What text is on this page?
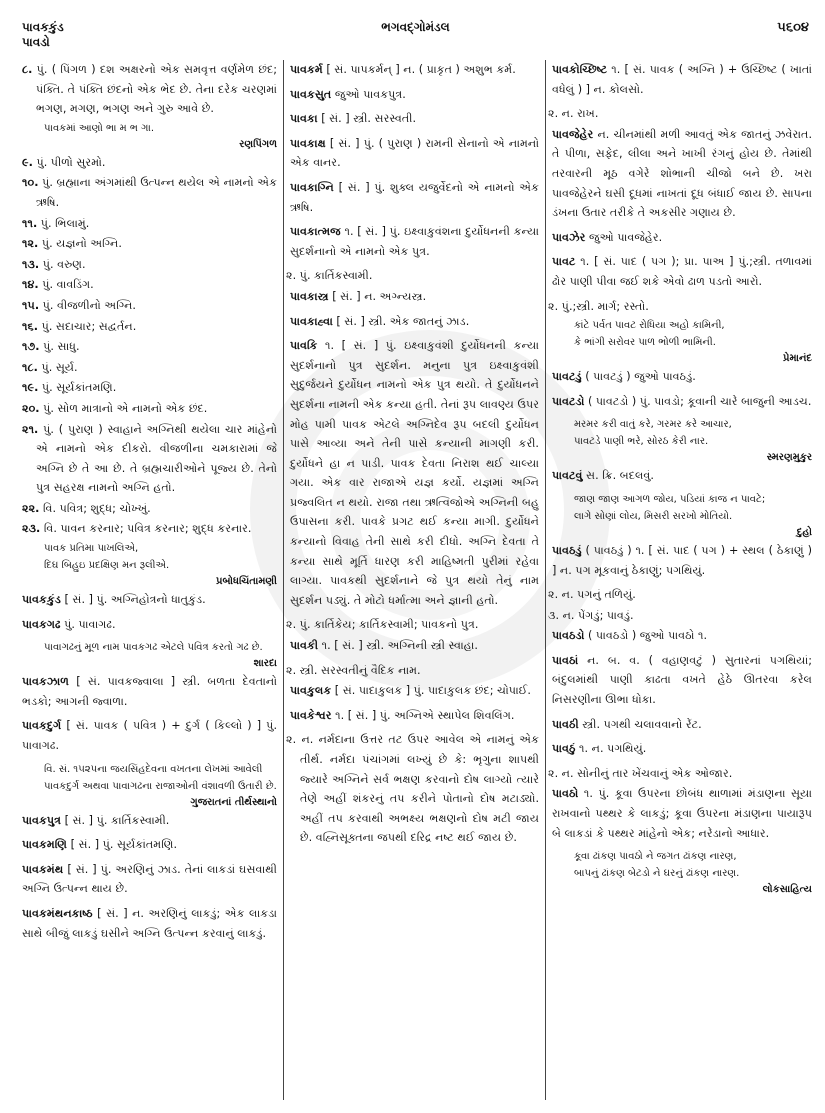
પાવકકુંડ
પાવડો
ભગવદ્ગોમંડલ	૫૬૦૪
૮. પું. ( પિંગળ ) દશ અક્ષરનો એક સમવૃત્ત વર્ણમેળ છંદ; પંક્તિ. તે પંક્તિ છંદનો એક ભેદ છે. તેના દરેક ચરણમાં ભગણ, મગણ, ભગણ અને ગુરુ આવે છે.
પાવકમાં આણો ભા મ ભ ગા.
રણપિંગળ
૯. પું. પીળો સુરમો.
૧૦. પું. બ્રહ્માના અંગમાંથી ઉત્પન્ન થયેલ એ નામનો એક ઋષિ.
૧૧. પું. ભિલામું.
૧૨. પું. યજ્ઞનો અગ્નિ.
૧૩. પું. વરુણ.
૧૪. પું. વાવડિંગ.
૧૫. પું. વીજળીનો અગ્નિ.
૧૬. પું. સદાચાર; સદ્વર્તન.
૧૭. પું. સાધુ.
૧૮. પું. સૂર્ય.
૧૯. પું. સૂર્યકાંતમણિ.
૨૦. પું. સોળ માત્રાનો એ નામનો એક છંદ.
૨૧. પું. ( પુરાણ ) સ્વાહાને અગ્નિથી થયેલા ચાર માંહેનો એ નામનો એક દીકરો. વીજળીના ચમકારામાં જે અગ્નિ છે તે આ છે. તે બ્રહ્મચારીઓને પૂજ્ય છે. તેનો પુત્ર સહરક્ષ નામનો અગ્નિ હતો.
૨૨. વિ. પવિત્ર; શુદ્ધ; ચોખ્ખું.
૨૩. વિ. પાવન કરનાર; પવિત્ર કરનાર; શુદ્ધ કરનાર.
પાવક પ્રતિમા પાખલિએ,
દિઘ બિહુઇ પ્રદક્ષિણ મન રૂલીએ.
પ્રબોધચિંતામણી
પાવકકુંડ [ સં. ] પું. અગ્નિહોત્રનો ધાતુકુંડ.
પાવકગઢ પું. પાવાગઢ.
પાવાગઢનું મૂળ નામ પાવકગઢ એટલે પવિત્ર કરતો ગઢ છે.
શારદા
પાવકઝાળ [ સં. પાવકજ્વાલા ] સ્ત્રી. બળતા દેવતાનો ભડકો; આગની જ્વાળા.
પાવકદુર્ગ [ સં. પાવક ( પવિત્ર ) + દુર્ગ ( કિલ્લો ) ] પું. પાવાગઢ.
વિ. સં. ૧૫૨૫ના જયસિંહદેવના વખતના લેખમાં આવેલી પાવકદુર્ગ અથવા પાવાગઢના રાજાઓની વંશાવળી ઉતારી છે.
ગુજરાતનાં તીર્થસ્થાનો
પાવકપુત્ર [ સં. ] પું. કાર્તિકસ્વામી.
પાવકમણિ [ સં. ] પું. સૂર્યકાંતમણિ.
પાવકમંથ [ સં. ] પું. અરણિનું ઝાડ. તેનાં લાકડાં ઘસવાથી અગ્નિ ઉત્પન્ન થાય છે.
પાવકમંથનકાષ્ઠ [ સં. ] ન. અરણિનું લાકડું; એક લાકડા સાથે બીજું લાકડું ઘસીને અગ્નિ ઉત્પન્ન કરવાનું લાકડું.
પાવકર્મ [ સં. પાપકર્મન્ ] ન. ( પ્રાકૃત ) અશુભ કર્મ.
પાવકસુત જુઓ પાવકપુત્ર.
પાવકા [ સં. ] સ્ત્રી. સરસ્વતી.
પાવકાક્ષ [ સં. ] પું. ( પુરાણ ) રામની સેનાનો એ નામનો એક વાનર.
પાવકાગ્નિ [ સં. ] પું. શુક્લ યજુર્વેદનો એ નામનો એક ઋષિ.
પાવકાત્મજ ૧. [ સં. ] પું. ઇક્ષ્વાકુવંશના દુર્યોધનની કન્યા સુદર્શનાનો એ નામનો એક પુત્ર.
૨. પું. કાર્તિકસ્વામી.
પાવકાસ્ત્ર [ સં. ] ન. અગ્ન્યસ્ત્ર.
પાવકાહ્વા [ સં. ] સ્ત્રી. એક જાતનું ઝાડ.
પાવકિ ૧. [ સં. ] પું. ઇક્ષ્વાકુવંશી દુર્યોધનની કન્યા સુદર્શનાનો પુત્ર સુદર્શન. મનુના પુત્ર ઇક્ષ્વાકુવંશી સુદુર્જયને દુર્યોધન નામનો એક પુત્ર થયો. તે દુર્યોધનને સુદર્શના નામની એક કન્યા હતી. તેનાં રૂપ લાવણ્ય ઉપર મોહ પામી પાવક એટલે અગ્નિદેવ રૂપ બદલી દુર્યોધન પાસે આવ્યા અને તેની પાસે કન્યાની માગણી કરી. દુર્યોધને હા ન પાડી. પાવક દેવતા નિરાશ થઈ ચાલ્યા ગયા. એક વાર રાજાએ યજ્ઞ કર્યો. યજ્ઞમાં અગ્નિ પ્રજ્વલિત ન થયો. રાજા તથા ઋત્વિજોએ અગ્નિની બહુ ઉપાસના કરી. પાવકે પ્રગટ થઈ કન્યા માગી. દુર્યોધને કન્યાનો વિવાહ તેની સાથે કરી દીધો. અગ્નિ દેવતા તે કન્યા સાથે મૂર્તિ ધારણ કરી માહિષ્મતી પુરીમાં રહેવા લાગ્યા. પાવકથી સુદર્શનાને જે પુત્ર થયો તેનું નામ સુદર્શન પડ્યું. તે મોટો ધર્માત્મા અને જ્ઞાની હતો.
૨. પું. કાર્તિકેય; કાર્તિકસ્વામી; પાવકનો પુત્ર.
પાવકી ૧. [ સં. ] સ્ત્રી. અગ્નિની સ્ત્રી સ્વાહા.
૨. સ્ત્રી. સરસ્વતીનું વૈદિક નામ.
પાવકુલક [ સં. પાદાકુલક ] પું. પાદાકુલક છંદ; ચોપાઈ.
પાવકેશ્વર ૧. [ સં. ] પું. અગ્નિએ સ્થાપેલ શિવલિંગ.
૨. ન. નર્મદાના ઉત્તર તટ ઉપર આવેલ એ નામનું એક તીર્થ. નર્મદા પંચાંગમાં લખ્યું છે કે: ભૃગુના શાપથી જ્યારે અગ્નિને સર્વ ભક્ષણ કરવાનો દોષ લાગ્યો ત્યારે તેણે અહીં શંકરનું તપ કરીને પોતાનો દોષ મટાડ્યો. અહીં તપ કરવાથી અભક્ષ્ય ભક્ષણનો દોષ મટી જાય છે. વહ્નિસૂક્તના જપથી દરિદ્ર નષ્ટ થઈ જાય છે.
પાવકોચ્છિષ્ટ ૧. [ સં. પાવક ( અગ્નિ ) + ઉચ્છિષ્ટ ( ખાતાં વધેલું ) ] ન. કોલસો.
૨. ન. રાખ.
પાવજેહેર ન. ચીનમાંથી મળી આવતું એક જાતનું ઝવેરાત. તે પીળા, સફેદ, લીલા અને ખાખી રંગનું હોય છે. તેમાંથી તરવારની મૂઠ વગેરે શોભાની ચીજો બને છે. ખરા પાવજેહેરને ઘસી દૂધમાં નાખતાં દૂધ બંધાઈ જાય છે. સાપના ડંખના ઉતાર તરીકે તે અકસીર ગણાય છે.
પાવઝેર જુઓ પાવજેહેર.
પાવટ ૧. [ સં. પાદ ( પગ ); પ્રા. પાઅ ] પું.;સ્ત્રી. તળાવમાં ઢોર પાણી પીવા જઈ શકે એવો ઢાળ પડતો આરો.
૨. પું.;સ્ત્રી. માર્ગ; રસ્તો.
કાંટે પર્વત પાવટ રોધિયા અહો કામિની,
કે ભાંગી સરોવર પાળ ભોળી ભામિની.
પ્રેમાનંદ
પાવટડું ( પાવટડું ) જુઓ પાવઠડું.
પાવટડો ( પાવટડો ) પું. પાવડો; કૂવાની ચારે બાજુની આડચ.
મરમર કરી વાતું કરે, ગરમર કરે આચાર,
પાવટડે પાણી ભરે, સોરઠ કેરી નાર.
સ્મરણમુકુર
પાવટવું સ. ક્રિ. બદલવું.
જાણ જાણ આગળ જોય, પડિયાં કાજ ન પાવટે;
લાગે સોણાં લોય, મિસરી સરખો મોતિયો.
દુહો
પાવઠડું ( પાવઠડું ) ૧. [ સં. પાદ ( પગ ) + સ્થલ ( ઠેકાણું ) ] ન. પગ મૂકવાનું ઠેકાણું; પગથિયું.
૨. ન. પગનું તળિયું.
૩. ન. પેંગડું; પાવડું.
પાવઠડો ( પાવઠડો ) જુઓ પાવઠો ૧.
પાવઠાં ન. બ. વ. ( વહાણવટું ) સુતારનાં પગથિયાં; બંદુલમાંથી પાણી કાઢતા વખતે હેઠે ઊતરવા કરેલ નિસરણીના ઊભા ધોકા.
પાવઠી સ્ત્રી. પગથી ચલાવવાનો રેંટ.
પાવઠું ૧. ન. પગથિયું.
૨. ન. સોનીનું તાર ખેંચવાનું એક ઓજાર.
પાવઠો ૧. પું. કૂવા ઉપરના છોબંધ થાળામાં મંડાણના સૂયા રાખવાનો પથ્થર કે લાકડું; કૂવા ઉપરના મંડાણના પાયારૂપ બે લાકડાં કે પથ્થર માંહેનો એક; નરેડાનો આધાર.
કૂવા ઢાંકણ પાવઠો ને જગત ઢાંકણ નારણ,
બાપનું ઢાંકણ બેટડો ને ઘરનું ઢાંકણ નારણ.
લોકસાહિત્ય
